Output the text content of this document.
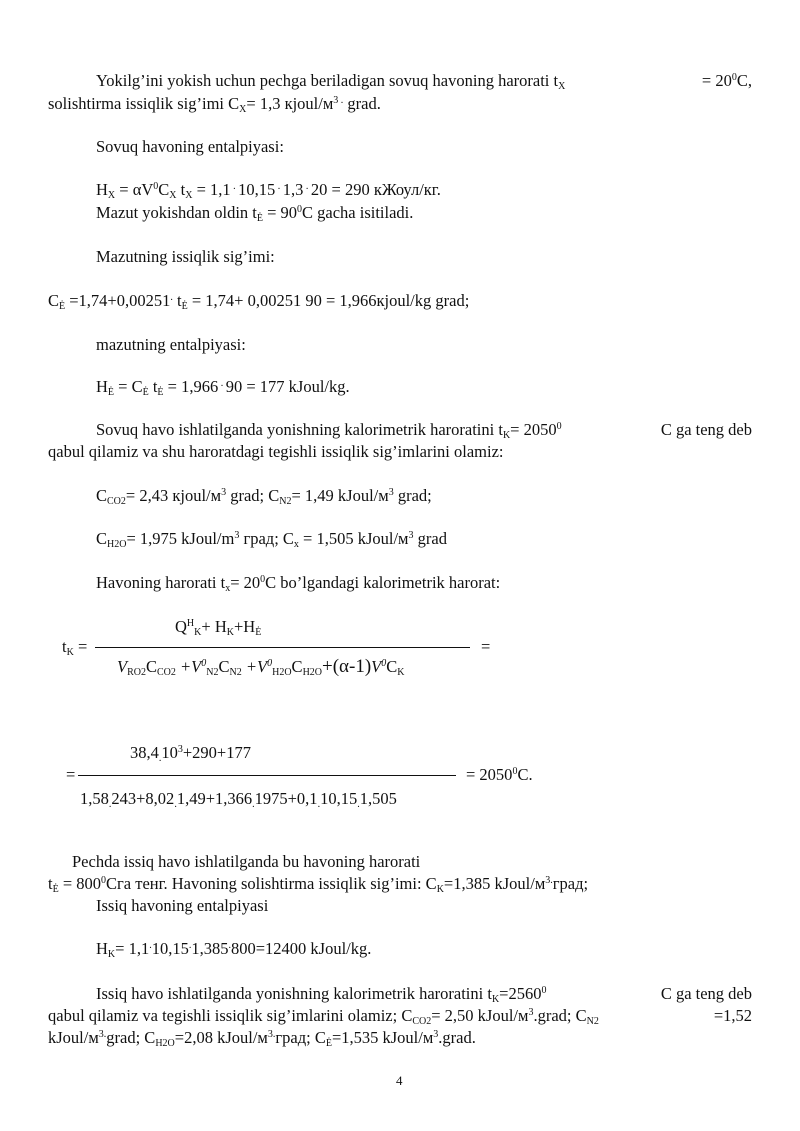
Yokilg’ini yokish uchun pechga beriladigan sovuq havoning harorati $t_X$	= $20^0C$,
solishtirma issiqlik sig’imi $C_X= 1,3$ кjoul/$м^{3 .}$ grad.
Sovuq havoning entalpiyasi:
$H_X = \alpha V^0C_X$ $t_X = 1,1$ . 10,15 . 1,3 . 20 = 290 кЖоул/кг.
Mazut yokishdan oldin $t_Ė = 90^0C$ gacha isitiladi.
Mazutning issiqlik sig’imi:
$C_Ė =1,74+0,00251^.$ $t_Ė = 1,74+ 0,00251$ 90 = 1,966кjoul/kg grad;
mazutning entalpiyasi:
$H_Ė = C_Ė$ $t_Ė = 1,966$ . 90 = 177 kJoul/kg.
Sovuq havo ishlatilganda yonishning kalorimetrik haroratini $t_K= 2050^0$	C ga teng deb
qabul qilamiz va shu haroratdagi tegishli issiqlik sig’imlarini olamiz:
$C_{CO2}= 2,43$ кjoul/$м^3$ grad; $C_{N2}= 1,49$ kJoul/$м^3$ grad;
$C_{H2O}= 1,975$ kJoul/$m^3$ град; $C_x = 1,505$ kJoul/$м^3$ grad
Havoning harorati $t_x= 20^0C$ bo’lgandagi kalorimetrik harorat:
$Q^H_K+ H_K+H_Ė$
$t_K$ =	=
$V_{RO2}C_{CO2} +V^0_{N2}C_{N2} +V^0_{H2O}C_{H2O}+(\alpha-1)V^0C_K$
$38,4_.10^3+290+177$
=	= $2050^0C$.
$1,58_.243+8,02_.1,49+1,366_.1975+0,1_.10,15_.1,505$
Pechda issiq havo ishlatilganda bu havoning harorati
$t_Ė = 800^0Cга$ тенг. Havoning solishtirma issiqlik sig’imi: $C_K=1,385$ kJoul/$м^{3.}град$;
Issiq havoning entalpiyasi
$H_K= 1,1^.10,15^.1,385^.800=12400$ kJoul/kg.
Issiq havo ishlatilganda yonishning kalorimetrik haroratini $t_K=2560^0$	C ga teng deb
qabul qilamiz va tegishli issiqlik sig’imlarini olamiz; $C_{CO2}= 2,50$ kJoul/$м^3.grad$; $C_{N2}$	=1,52
kJoul/$м^{3.}grad$; $C_{H2O}=2,08$ kJoul/$м^{3.}град$; $C_Ė=1,535$ kJoul/$м^3.grad$.
4
